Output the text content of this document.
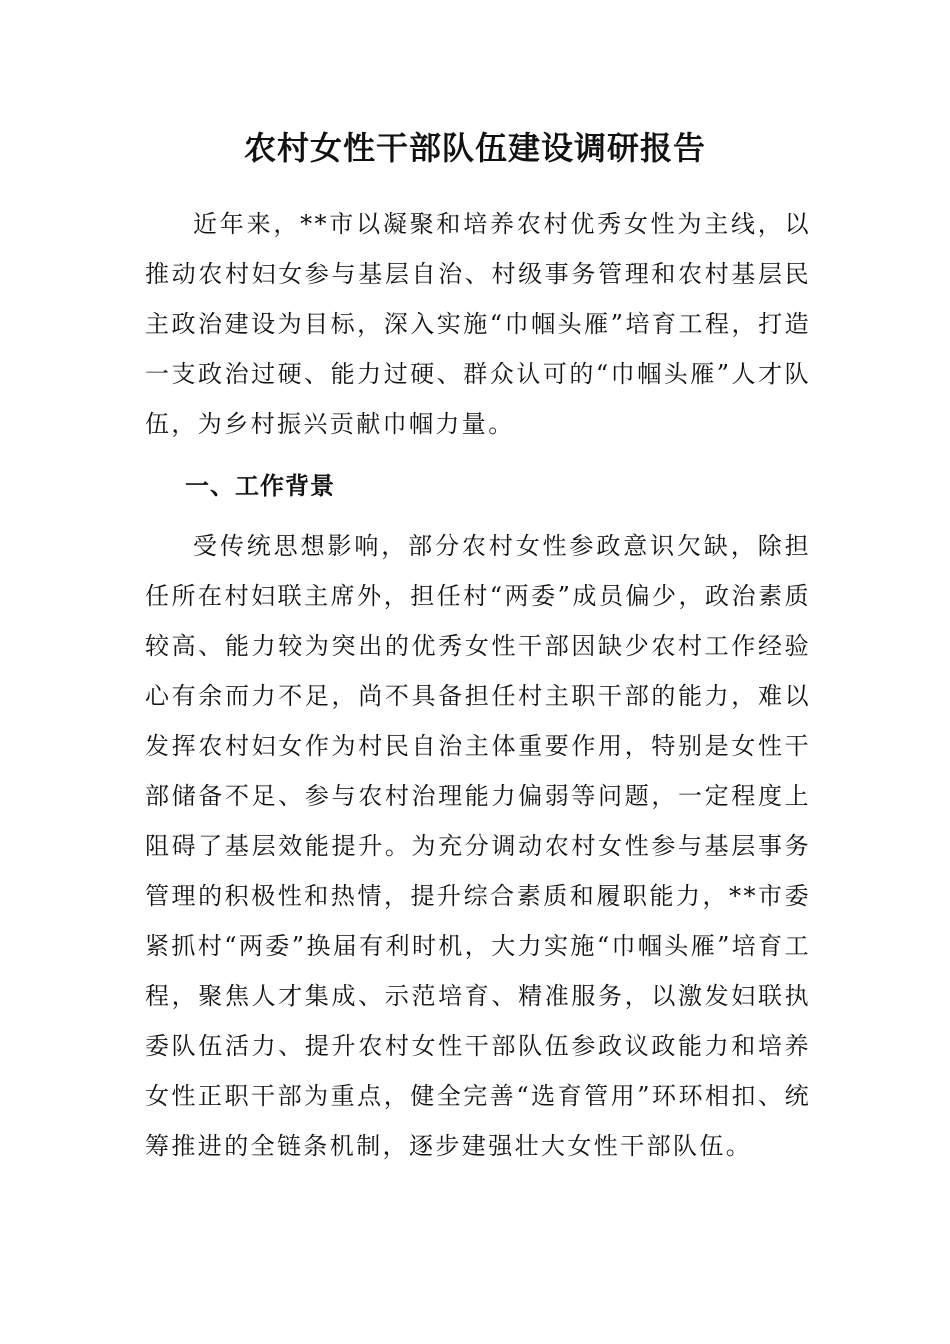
农村女性干部队伍建设调研报告

近年来，**市以凝聚和培养农村优秀女性为主线，以推动农村妇女参与基层自治、村级事务管理和农村基层民主政治建设为目标，深入实施“巾帼头雁”培育工程，打造一支政治过硬、能力过硬、群众认可的“巾帼头雁”人才队伍，为乡村振兴贡献巾帼力量。

一、工作背景

受传统思想影响，部分农村女性参政意识欠缺，除担任所在村妇联主席外，担任村“两委”成员偏少，政治素质较高、能力较为突出的优秀女性干部因缺少农村工作经验心有余而力不足，尚不具备担任村主职干部的能力，难以发挥农村妇女作为村民自治主体重要作用，特别是女性干部储备不足、参与农村治理能力偏弱等问题，一定程度上阻碍了基层效能提升。为充分调动农村女性参与基层事务管理的积极性和热情，提升综合素质和履职能力，**市委紧抓村“两委”换届有利时机，大力实施“巾帼头雁”培育工程，聚焦人才集成、示范培育、精准服务，以激发妇联执委队伍活力、提升农村女性干部队伍参政议政能力和培养女性正职干部为重点，健全完善“选育管用”环环相扣、统筹推进的全链条机制，逐步建强壮大女性干部队伍。
